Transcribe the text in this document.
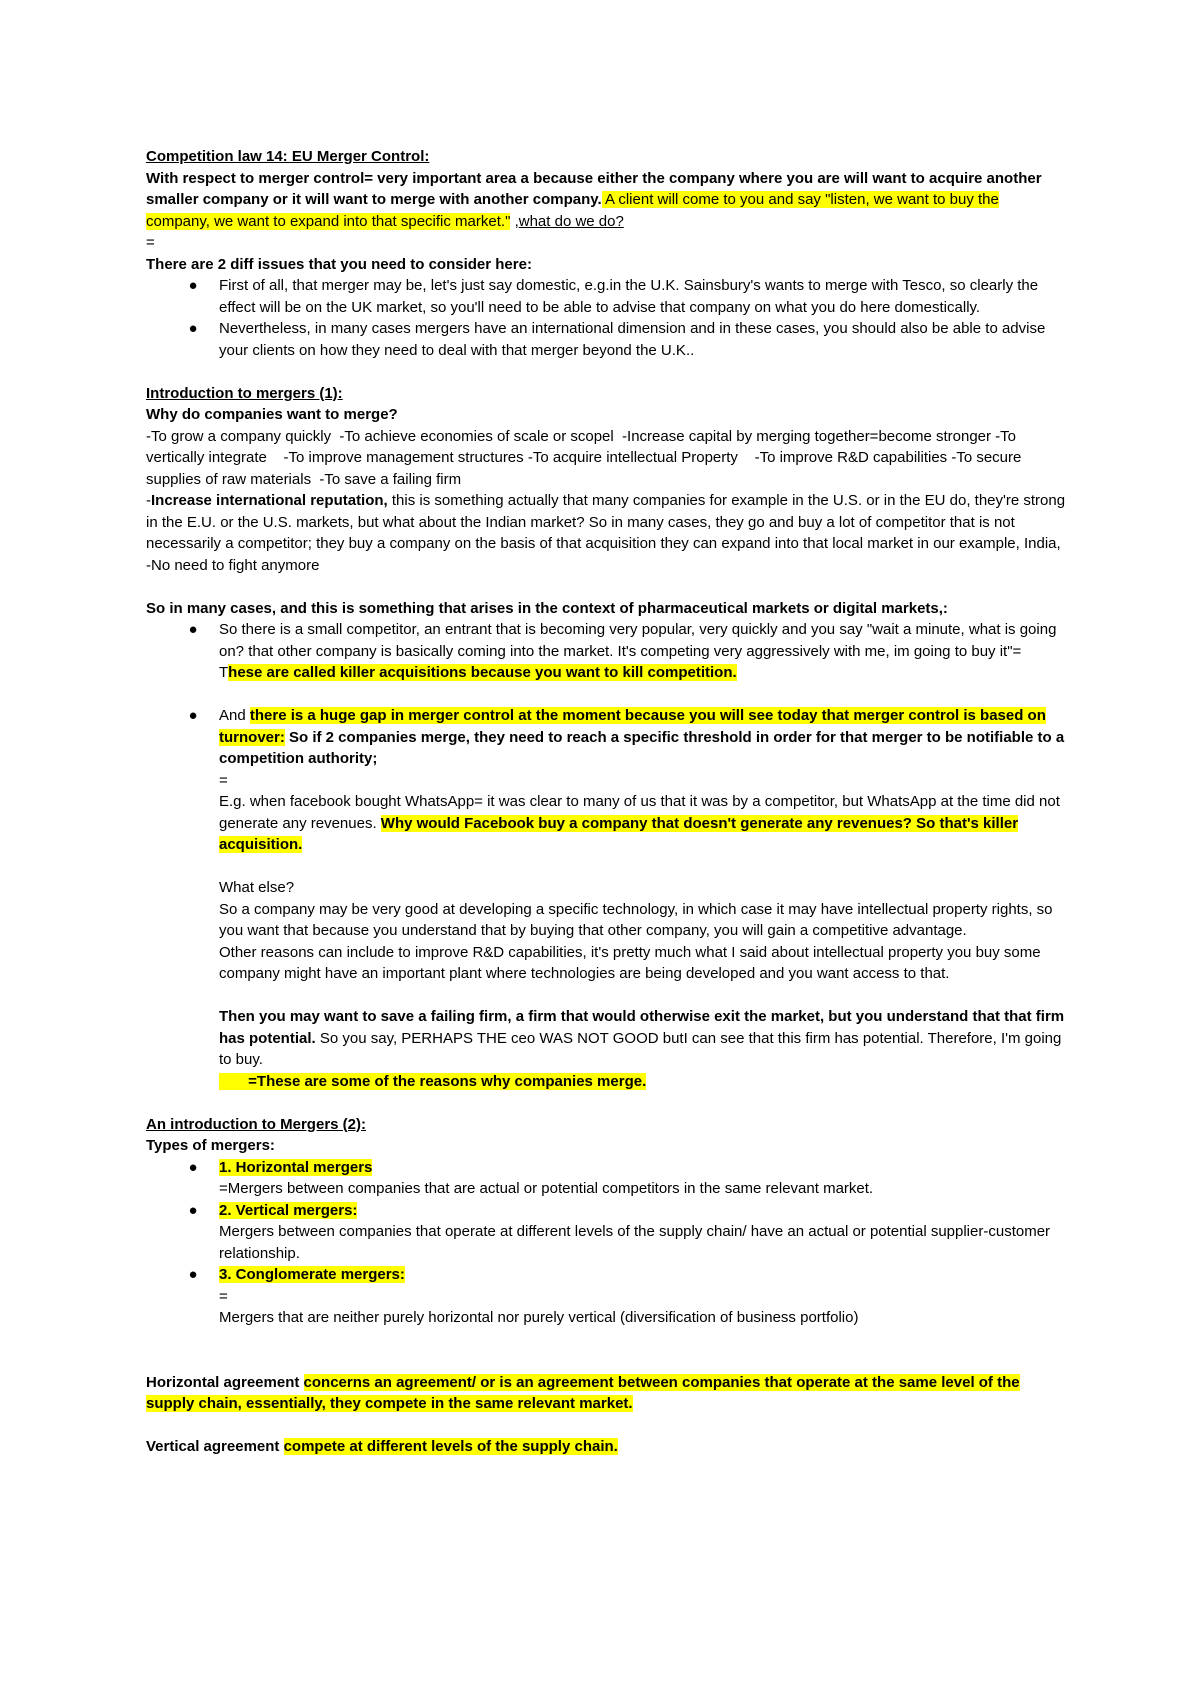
Competition law 14: EU Merger Control:

With respect to merger control= very important area a because either the company where you are will want to acquire another smaller company or it will want to merge with another company. A client will come to you and say "listen, we want to buy the company, we want to expand into that specific market." ,what do we do?

=

There are 2 diff issues that you need to consider here:

● First of all, that merger may be, let's just say domestic, e.g.in the U.K. Sainsbury's wants to merge with Tesco, so clearly the effect will be on the UK market, so you'll need to be able to advise that company on what you do here domestically.
● Nevertheless, in many cases mergers have an international dimension and in these cases, you should also be able to advise your clients on how they need to deal with that merger beyond the U.K..

Introduction to mergers (1):

Why do companies want to merge?

-To grow a company quickly  -To achieve economies of scale or scopel  -Increase capital by merging together=become stronger -To vertically integrate    -To improve management structures -To acquire intellectual Property    -To improve R&D capabilities -To secure supplies of raw materials  -To save a failing firm

-Increase international reputation, this is something actually that many companies for example in the U.S. or in the EU do, they're strong in the E.U. or the U.S. markets, but what about the Indian market? So in many cases, they go and buy a lot of competitor that is not necessarily a competitor; they buy a company on the basis of that acquisition they can expand into that local market in our example, India,

-No need to fight anymore

So in many cases, and this is something that arises in the context of pharmaceutical markets or digital markets,:

● So there is a small competitor, an entrant that is becoming very popular, very quickly and you say "wait a minute, what is going on? that other company is basically coming into the market. It's competing very aggressively with me, im going to buy it"= These are called killer acquisitions because you want to kill competition.
● And there is a huge gap in merger control at the moment because you will see today that merger control is based on turnover: So if 2 companies merge, they need to reach a specific threshold in order for that merger to be notifiable to a competition authority;

=

E.g. when facebook bought WhatsApp= it was clear to many of us that it was by a competitor, but WhatsApp at the time did not generate any revenues. Why would Facebook buy a company that doesn't generate any revenues? So that's killer acquisition.

What else?

So a company may be very good at developing a specific technology, in which case it may have intellectual property rights, so you want that because you understand that by buying that other company, you will gain a competitive advantage.

Other reasons can include to improve R&D capabilities, it's pretty much what I said about intellectual property you buy some company might have an important plant where technologies are being developed and you want access to that.

Then you may want to save a failing firm, a firm that would otherwise exit the market, but you understand that that firm has potential. So you say, PERHAPS THE ceo WAS NOT GOOD butI can see that this firm has potential. Therefore, I'm going to buy.

=These are some of the reasons why companies merge.

An introduction to Mergers (2):

Types of mergers:

● 1. Horizontal mergers
=Mergers between companies that are actual or potential competitors in the same relevant market.
● 2. Vertical mergers:
Mergers between companies that operate at different levels of the supply chain/ have an actual or potential supplier-customer relationship.
● 3. Conglomerate mergers:
=
Mergers that are neither purely horizontal nor purely vertical (diversification of business portfolio)

Horizontal agreement concerns an agreement/ or is an agreement between companies that operate at the same level of the supply chain, essentially, they compete in the same relevant market.

Vertical agreement compete at different levels of the supply chain.
